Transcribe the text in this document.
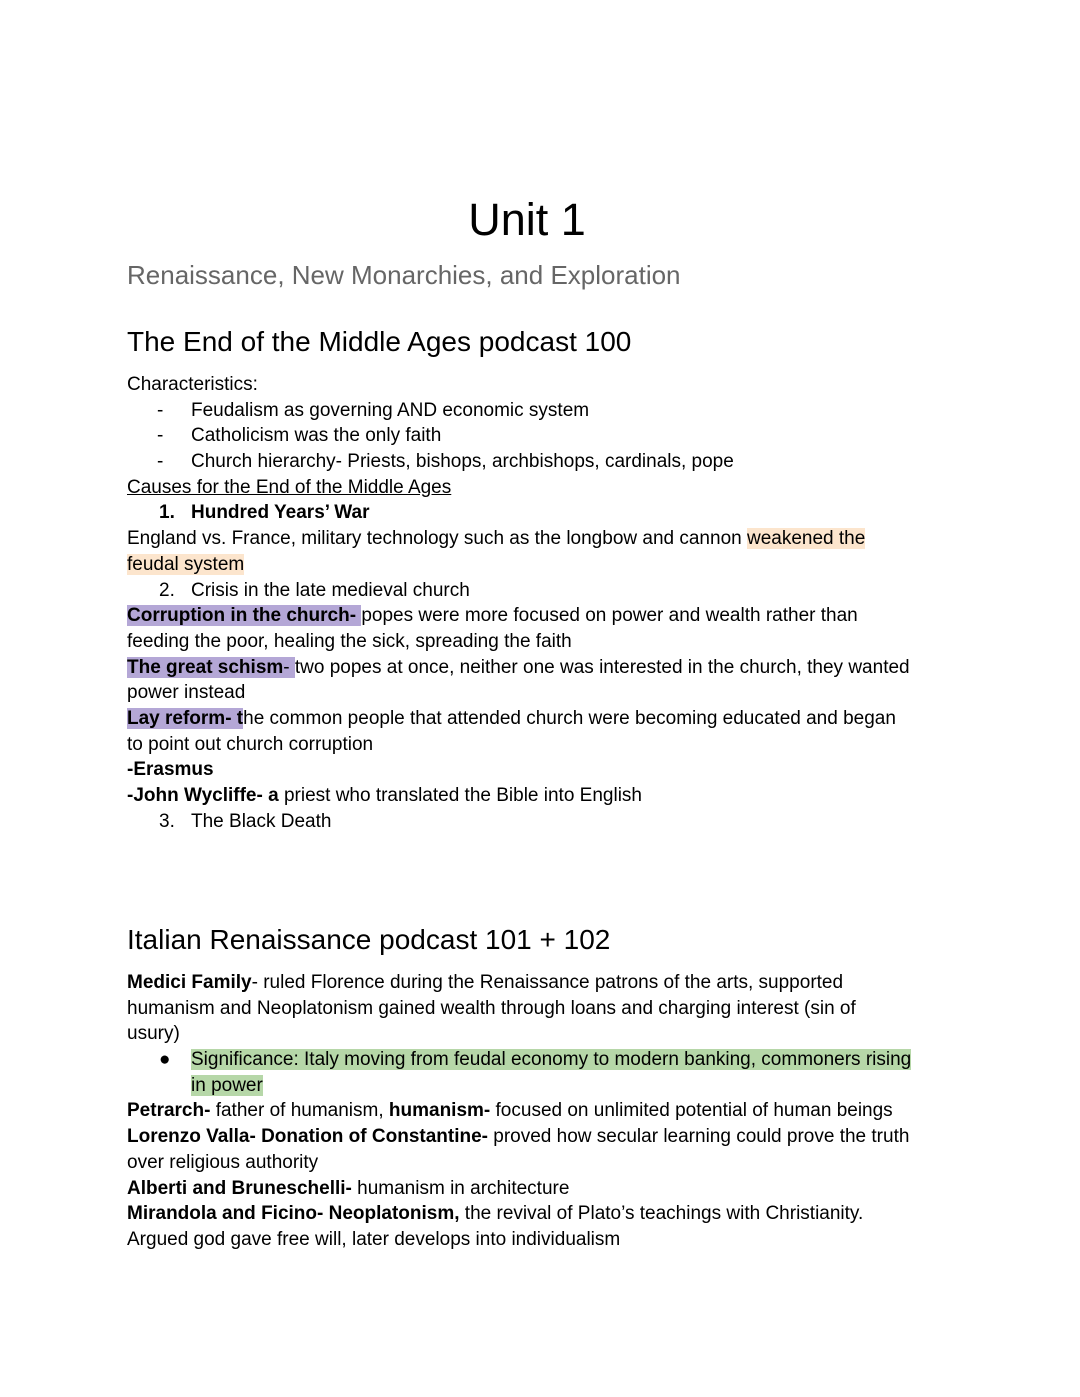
Unit 1
Renaissance, New Monarchies, and Exploration
The End of the Middle Ages podcast 100
Characteristics:
- Feudalism as governing AND economic system
- Catholicism was the only faith
- Church hierarchy- Priests, bishops, archbishops, cardinals, pope
Causes for the End of the Middle Ages
1. Hundred Years’ War
England vs. France, military technology such as the longbow and cannon weakened the
feudal system
2. Crisis in the late medieval church
Corruption in the church- popes were more focused on power and wealth rather than
feeding the poor, healing the sick, spreading the faith
The great schism- two popes at once, neither one was interested in the church, they wanted
power instead
Lay reform- the common people that attended church were becoming educated and began
to point out church corruption
-Erasmus
-John Wycliffe- a priest who translated the Bible into English
3. The Black Death
Italian Renaissance podcast 101 + 102
Medici Family- ruled Florence during the Renaissance patrons of the arts, supported
humanism and Neoplatonism gained wealth through loans and charging interest (sin of
usury)
● Significance: Italy moving from feudal economy to modern banking, commoners rising
in power
Petrarch- father of humanism, humanism- focused on unlimited potential of human beings
Lorenzo Valla- Donation of Constantine- proved how secular learning could prove the truth
over religious authority
Alberti and Bruneschelli- humanism in architecture
Mirandola and Ficino- Neoplatonism, the revival of Plato’s teachings with Christianity.
Argued god gave free will, later develops into individualism
